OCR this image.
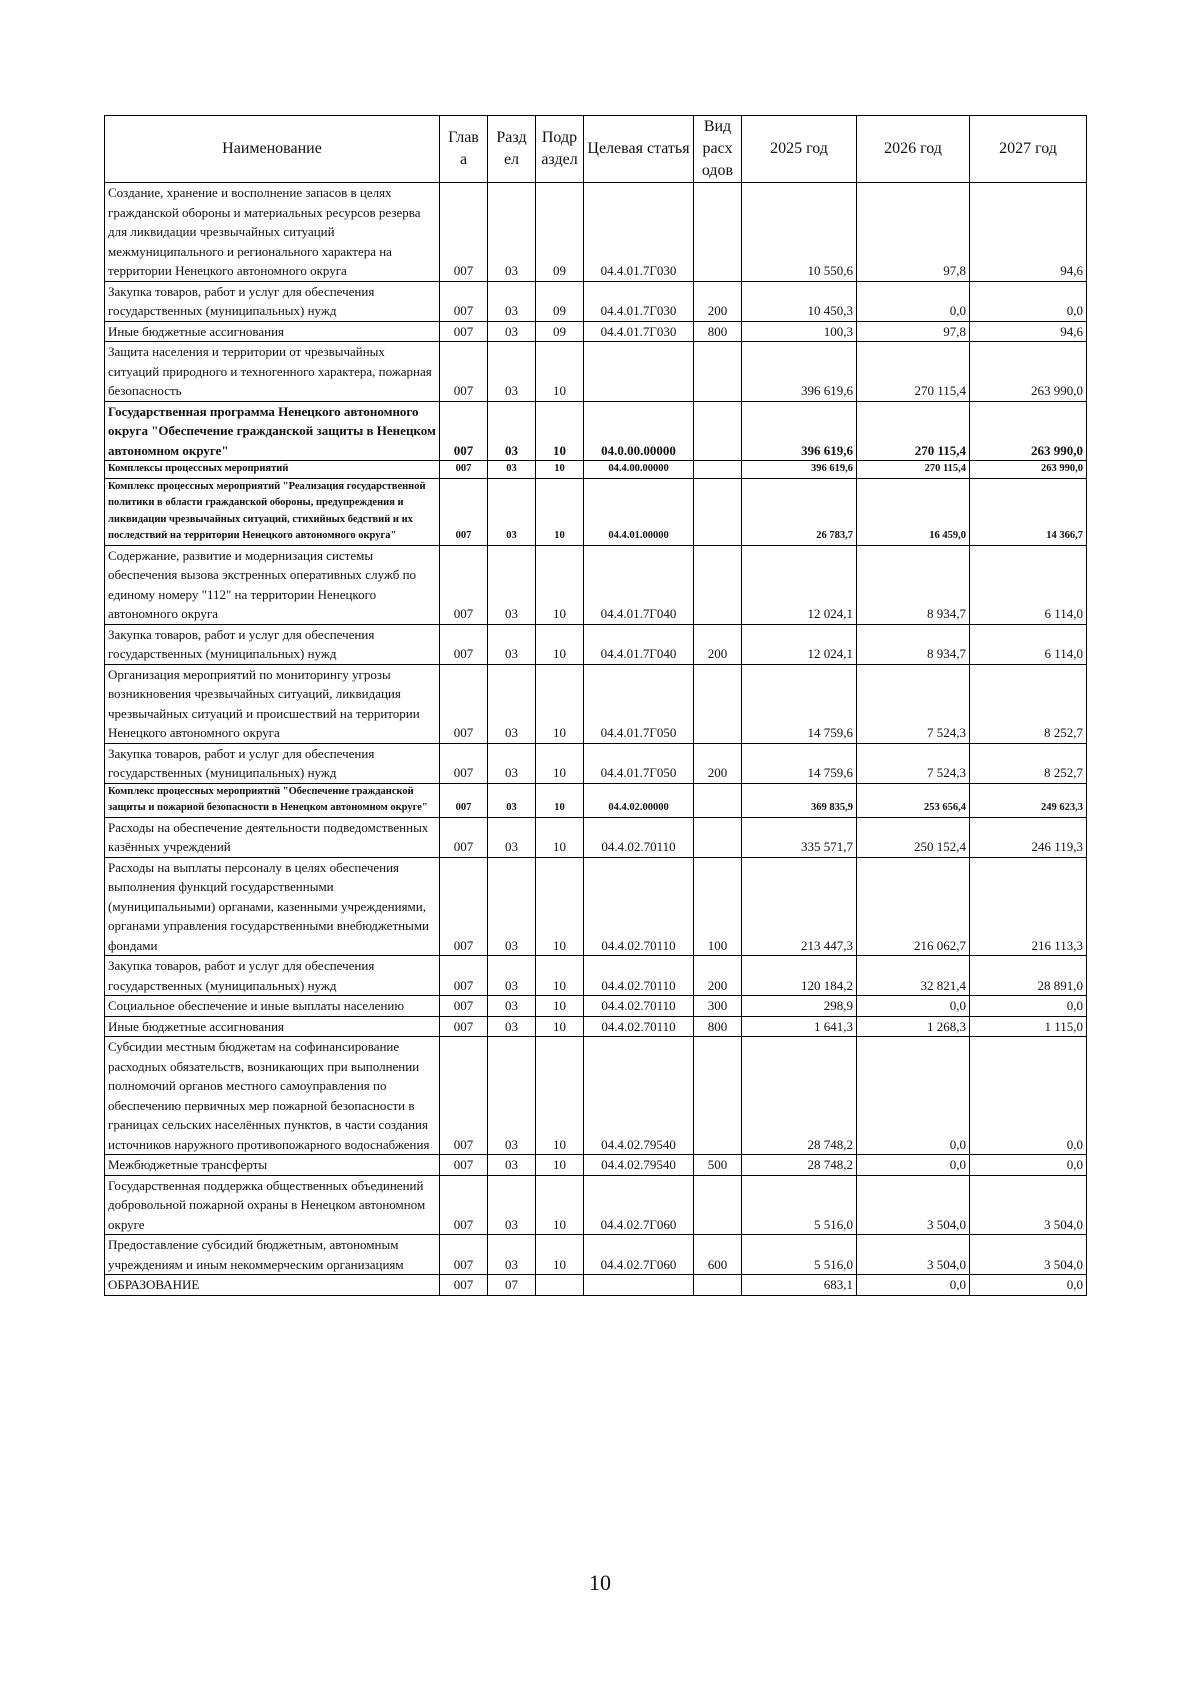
Наименование	Глав а	Разд ел	Подр аздел	Целевая статья	Вид расх одов	2025 год	2026 год	2027 год
Создание, хранение и восполнение запасов в целях гражданской обороны и материальных ресурсов резерва для ликвидации чрезвычайных ситуаций межмуниципального и регионального характера на территории Ненецкого автономного округа	007	03	09	04.4.01.7Г030		10 550,6	97,8	94,6
Закупка товаров, работ и услуг для обеспечения государственных (муниципальных) нужд	007	03	09	04.4.01.7Г030	200	10 450,3	0,0	0,0
Иные бюджетные ассигнования	007	03	09	04.4.01.7Г030	800	100,3	97,8	94,6
Защита населения и территории от чрезвычайных ситуаций природного и техногенного характера, пожарная безопасность	007	03	10			396 619,6	270 115,4	263 990,0
Государственная программа Ненецкого автономного округа "Обеспечение гражданской защиты в Ненецком автономном округе"	007	03	10	04.0.00.00000		396 619,6	270 115,4	263 990,0
Комплексы процессных мероприятий	007	03	10	04.4.00.00000		396 619,6	270 115,4	263 990,0
Комплекс процессных мероприятий "Реализация государственной политики в области гражданской обороны, предупреждения и ликвидации чрезвычайных ситуаций, стихийных бедствий и их последствий на территории Ненецкого автономного округа"	007	03	10	04.4.01.00000		26 783,7	16 459,0	14 366,7
Содержание, развитие и модернизация системы обеспечения вызова экстренных оперативных служб по единому номеру "112" на территории Ненецкого автономного округа	007	03	10	04.4.01.7Г040		12 024,1	8 934,7	6 114,0
Закупка товаров, работ и услуг для обеспечения государственных (муниципальных) нужд	007	03	10	04.4.01.7Г040	200	12 024,1	8 934,7	6 114,0
Организация мероприятий по мониторингу угрозы возникновения чрезвычайных ситуаций, ликвидация чрезвычайных ситуаций и происшествий на территории Ненецкого автономного округа	007	03	10	04.4.01.7Г050		14 759,6	7 524,3	8 252,7
Закупка товаров, работ и услуг для обеспечения государственных (муниципальных) нужд	007	03	10	04.4.01.7Г050	200	14 759,6	7 524,3	8 252,7
Комплекс процессных мероприятий "Обеспечение гражданской защиты и пожарной безопасности в Ненецком автономном округе"	007	03	10	04.4.02.00000		369 835,9	253 656,4	249 623,3
Расходы на обеспечение деятельности подведомственных казённых учреждений	007	03	10	04.4.02.70110		335 571,7	250 152,4	246 119,3
Расходы на выплаты персоналу в целях обеспечения выполнения функций государственными (муниципальными) органами, казенными учреждениями, органами управления государственными внебюджетными фондами	007	03	10	04.4.02.70110	100	213 447,3	216 062,7	216 113,3
Закупка товаров, работ и услуг для обеспечения государственных (муниципальных) нужд	007	03	10	04.4.02.70110	200	120 184,2	32 821,4	28 891,0
Социальное обеспечение и иные выплаты населению	007	03	10	04.4.02.70110	300	298,9	0,0	0,0
Иные бюджетные ассигнования	007	03	10	04.4.02.70110	800	1 641,3	1 268,3	1 115,0
Субсидии местным бюджетам на софинансирование расходных обязательств, возникающих при выполнении полномочий органов местного самоуправления по обеспечению первичных мер пожарной безопасности в границах сельских населённых пунктов, в части создания источников наружного противопожарного водоснабжения	007	03	10	04.4.02.79540		28 748,2	0,0	0,0
Межбюджетные трансферты	007	03	10	04.4.02.79540	500	28 748,2	0,0	0,0
Государственная поддержка общественных объединений добровольной пожарной охраны в Ненецком автономном округе	007	03	10	04.4.02.7Г060		5 516,0	3 504,0	3 504,0
Предоставление субсидий бюджетным, автономным учреждениям и иным некоммерческим организациям	007	03	10	04.4.02.7Г060	600	5 516,0	3 504,0	3 504,0
ОБРАЗОВАНИЕ	007	07				683,1	0,0	0,0
10
